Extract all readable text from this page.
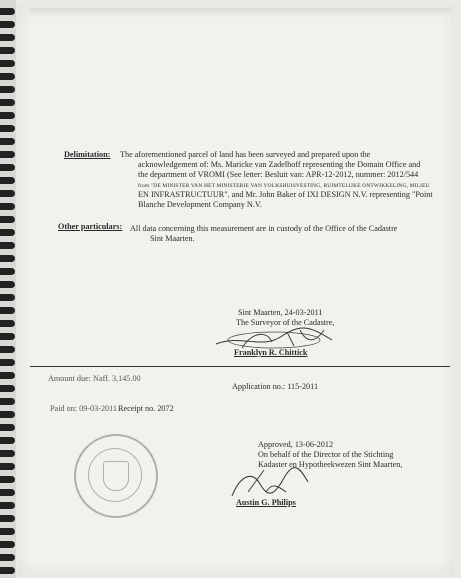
Delimitation: The aforementioned parcel of land has been surveyed and prepared upon the
acknowledgement of: Ms. Maricke van Zadelhoff representing the Domain Office and
the department of VROMI (See letter: Besluit van: APR-12-2012, nummer: 2012/544
from "DE MINISTER VAN HET MINISTERIE VAN VOLKSHUISVESTING, RUIMTELIJKE ONTWIKKELING, MILIEU
EN INFRASTRUCTUUR". and Mr. John Baker of IXI DESIGN N.V. representing "Point
Blanche Development Company N.V.
Other particulars: All data concerning this measurement are in custody of the Office of the Cadastre
Sint Maarten.
Sint Maarten, 24-03-2011
The Surveyor of the Cadastre,
Franklyn R. Chittick
Amount due: Naff. 3,145.00
Application no.: 115-2011
Paid on: 09-03-2011 Receipt no. 2072
Approved, 13-06-2012
On behalf of the Director of the Stichting
Kadaster en Hypotheekwezen Sint Maarten,
Austin G. Philips
